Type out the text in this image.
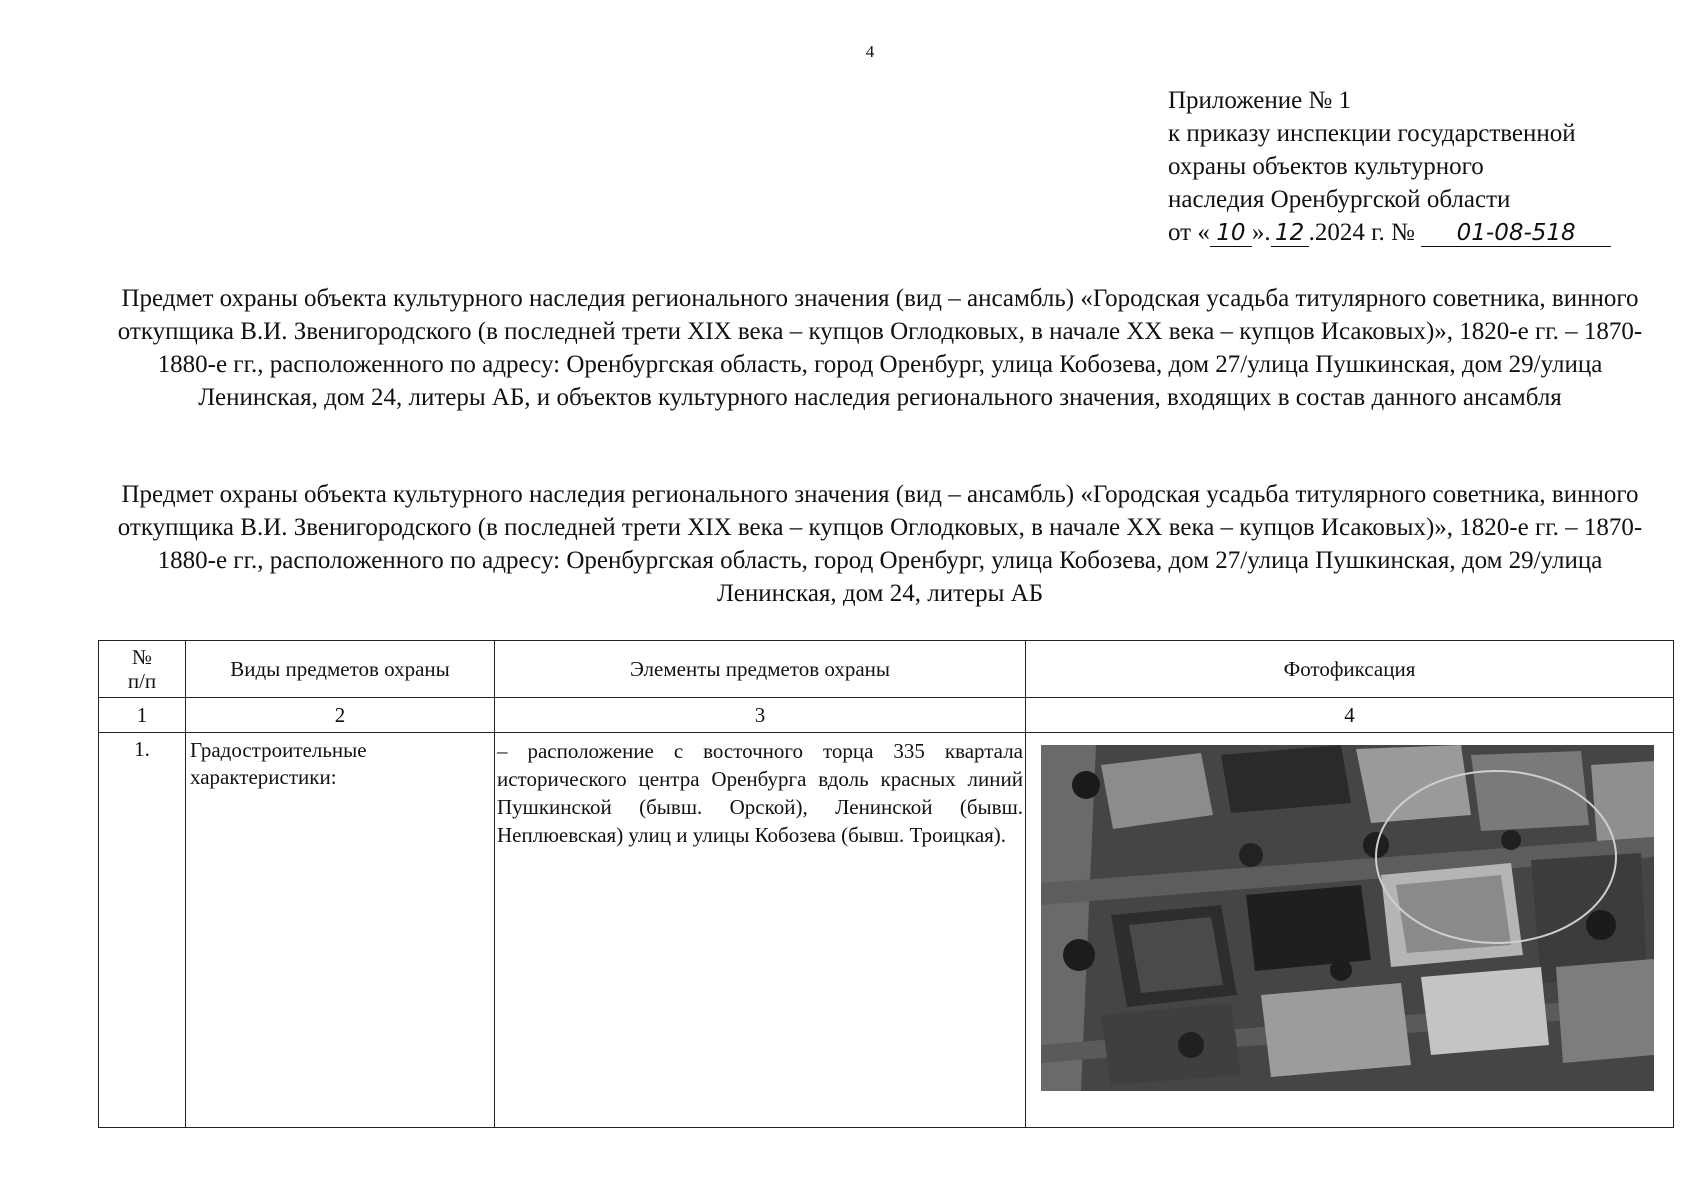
4
Приложение № 1
к приказу инспекции государственной
охраны объектов культурного
наследия Оренбургской области
от « 10 ». 12 .2024 г. № 01-08-518
Предмет охраны объекта культурного наследия регионального значения (вид – ансамбль) «Городская усадьба титулярного советника, винного откупщика В.И. Звенигородского (в последней трети XIX века – купцов Оглодковых, в начале XX века – купцов Исаковых)», 1820-е гг. – 1870-1880-е гг., расположенного по адресу: Оренбургская область, город Оренбург, улица Кобозева, дом 27/улица Пушкинская, дом 29/улица Ленинская, дом 24, литеры АБ, и объектов культурного наследия регионального значения, входящих в состав данного ансамбля
Предмет охраны объекта культурного наследия регионального значения (вид – ансамбль) «Городская усадьба титулярного советника, винного откупщика В.И. Звенигородского (в последней трети XIX века – купцов Оглодковых, в начале XX века – купцов Исаковых)», 1820-е гг. – 1870-1880-е гг., расположенного по адресу: Оренбургская область, город Оренбург, улица Кобозева, дом 27/улица Пушкинская, дом 29/улица Ленинская, дом 24, литеры АБ
№
п/п	Виды предметов охраны	Элементы предметов охраны	Фотофиксация
1	2	3	4
1.	Градостроительные характеристики:	– расположение с восточного торца 335 квартала исторического центра Оренбурга вдоль красных линий Пушкинской (бывш. Орской), Ленинской (бывш. Неплюевская) улиц и улицы Кобозева (бывш. Троицкая).	
